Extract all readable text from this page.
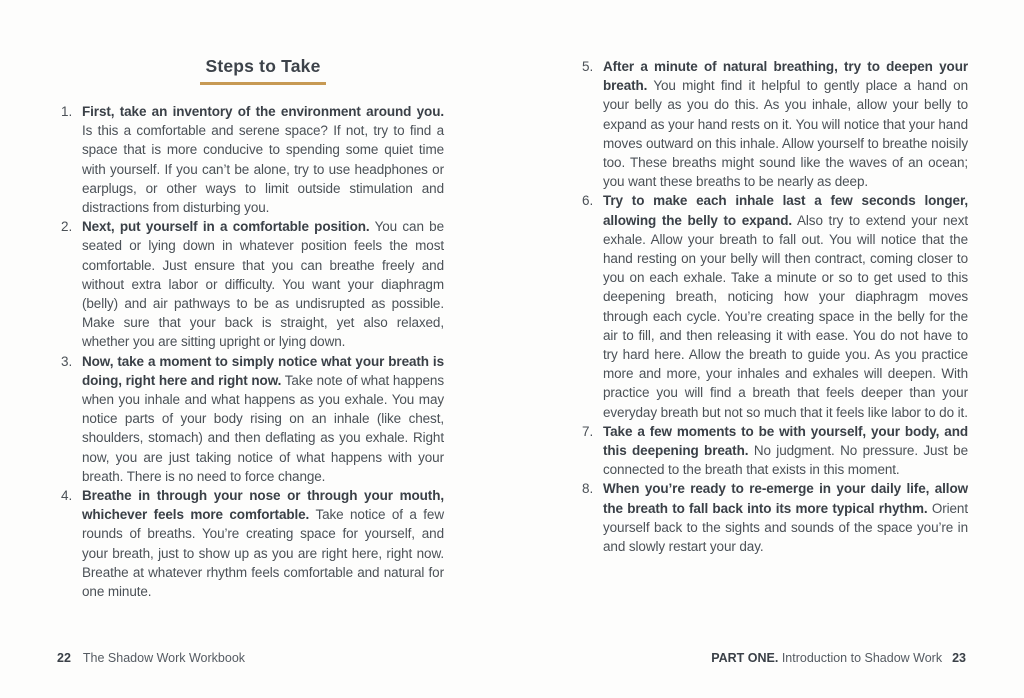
Steps to Take
1. First, take an inventory of the environment around you. Is this a comfortable and serene space? If not, try to find a space that is more conducive to spending some quiet time with yourself. If you can’t be alone, try to use headphones or earplugs, or other ways to limit outside stimulation and distractions from disturbing you.

2. Next, put yourself in a comfortable position. You can be seated or lying down in whatever position feels the most comfortable. Just ensure that you can breathe freely and without extra labor or difficulty. You want your diaphragm (belly) and air pathways to be as undisrupted as possible. Make sure that your back is straight, yet also relaxed, whether you are sitting upright or lying down.

3. Now, take a moment to simply notice what your breath is doing, right here and right now. Take note of what happens when you inhale and what happens as you exhale. You may notice parts of your body rising on an inhale (like chest, shoulders, stomach) and then deflating as you exhale. Right now, you are just taking notice of what happens with your breath. There is no need to force change.

4. Breathe in through your nose or through your mouth, whichever feels more comfortable. Take notice of a few rounds of breaths. You’re creating space for yourself, and your breath, just to show up as you are right here, right now. Breathe at whatever rhythm feels comfortable and natural for one minute.

5. After a minute of natural breathing, try to deepen your breath. You might find it helpful to gently place a hand on your belly as you do this. As you inhale, allow your belly to expand as your hand rests on it. You will notice that your hand moves outward on this inhale. Allow yourself to breathe noisily too. These breaths might sound like the waves of an ocean; you want these breaths to be nearly as deep.

6. Try to make each inhale last a few seconds longer, allowing the belly to expand. Also try to extend your next exhale. Allow your breath to fall out. You will notice that the hand resting on your belly will then contract, coming closer to you on each exhale. Take a minute or so to get used to this deepening breath, noticing how your diaphragm moves through each cycle. You’re creating space in the belly for the air to fill, and then releasing it with ease. You do not have to try hard here. Allow the breath to guide you. As you practice more and more, your inhales and exhales will deepen. With practice you will find a breath that feels deeper than your everyday breath but not so much that it feels like labor to do it.

7. Take a few moments to be with yourself, your body, and this deepening breath. No judgment. No pressure. Just be connected to the breath that exists in this moment.

8. When you’re ready to re-emerge in your daily life, allow the breath to fall back into its more typical rhythm. Orient yourself back to the sights and sounds of the space you’re in and slowly restart your day.

22 The Shadow Work Workbook	PART ONE. Introduction to Shadow Work 23
